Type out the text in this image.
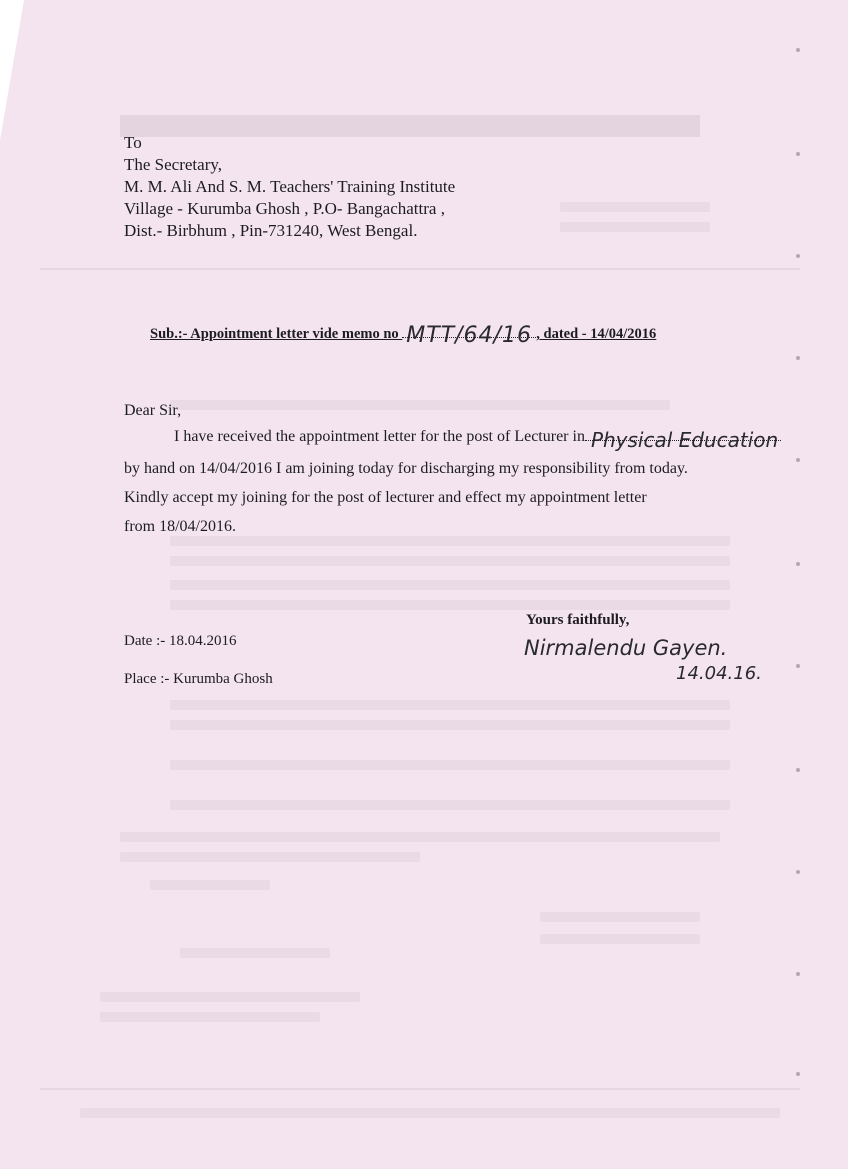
To
The Secretary,
M. M. Ali And S. M. Teachers' Training Institute
Village - Kurumba Ghosh , P.O- Bangachattra ,
Dist.- Birbhum , Pin-731240, West Bengal.
Sub.:- Appointment letter vide memo no MTT/64/16 , dated - 14/04/2016
Dear Sir,
I have received the appointment letter for the post of Lecturer in Physical Education
by hand on 14/04/2016 I am joining today for discharging my responsibility from today.
Kindly accept my joining for the post of lecturer and effect my appointment letter
from 18/04/2016.
Yours faithfully,
Date :- 18.04.2016
Place :- Kurumba Ghosh
Nirmalendu Gayen.
14.04.16.
